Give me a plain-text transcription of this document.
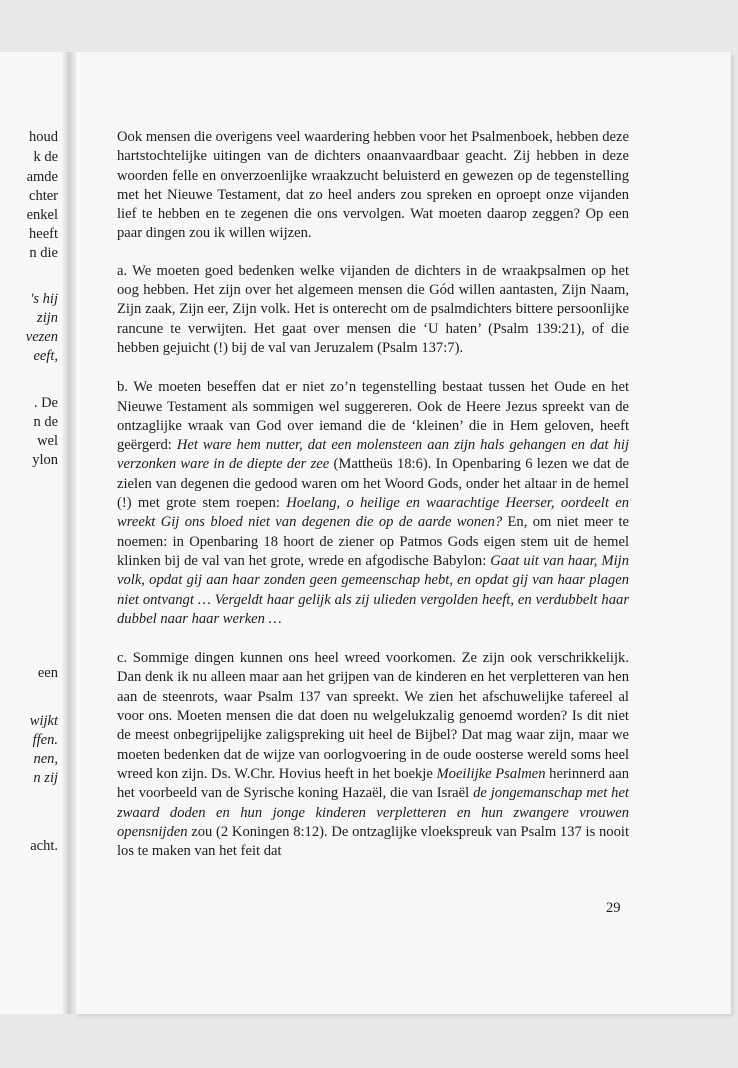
houd
k de
amde
chter
enkel
heeft
n die
's hij
zijn
vezen
eeft,
. De
n de
wel
ylon
een
wijkt
ffen.
nen,
n zij
acht.

Ook mensen die overigens veel waardering hebben voor het Psalmenboek, hebben deze hartstochtelijke uitingen van de dichters onaanvaardbaar geacht. Zij hebben in deze woorden felle en onverzoenlijke wraakzucht beluisterd en gewezen op de tegenstelling met het Nieuwe Testament, dat zo heel anders zou spreken en oproept onze vijanden lief te hebben en te zegenen die ons vervolgen. Wat moeten daarop zeggen? Op een paar dingen zou ik willen wijzen.

a. We moeten goed bedenken welke vijanden de dichters in de wraakpsalmen op het oog hebben. Het zijn over het algemeen mensen die Gód willen aantasten, Zijn Naam, Zijn zaak, Zijn eer, Zijn volk. Het is onterecht om de psalmdichters bittere persoonlijke rancune te verwijten. Het gaat over mensen die ‘U haten’ (Psalm 139:21), of die hebben gejuicht (!) bij de val van Jeruzalem (Psalm 137:7).

b. We moeten beseffen dat er niet zo’n tegenstelling bestaat tussen het Oude en het Nieuwe Testament als sommigen wel suggereren. Ook de Heere Jezus spreekt van de ontzaglijke wraak van God over iemand die de ‘kleinen’ die in Hem geloven, heeft geërgerd: Het ware hem nutter, dat een molensteen aan zijn hals gehangen en dat hij verzonken ware in de diepte der zee (Mattheüs 18:6). In Openbaring 6 lezen we dat de zielen van degenen die gedood waren om het Woord Gods, onder het altaar in de hemel (!) met grote stem roepen: Hoelang, o heilige en waarachtige Heerser, oordeelt en wreekt Gij ons bloed niet van degenen die op de aarde wonen? En, om niet meer te noemen: in Openbaring 18 hoort de ziener op Patmos Gods eigen stem uit de hemel klinken bij de val van het grote, wrede en afgodische Babylon: Gaat uit van haar, Mijn volk, opdat gij aan haar zonden geen gemeenschap hebt, en opdat gij van haar plagen niet ontvangt … Vergeldt haar gelijk als zij ulieden vergolden heeft, en verdubbelt haar dubbel naar haar werken …

c. Sommige dingen kunnen ons heel wreed voorkomen. Ze zijn ook verschrikkelijk. Dan denk ik nu alleen maar aan het grijpen van de kinderen en het verpletteren van hen aan de steenrots, waar Psalm 137 van spreekt. We zien het afschuwelijke tafereel al voor ons. Moeten mensen die dat doen nu welgelukzalig genoemd worden? Is dit niet de meest onbegrijpelijke zaligspreking uit heel de Bijbel? Dat mag waar zijn, maar we moeten bedenken dat de wijze van oorlogvoering in de oude oosterse wereld soms heel wreed kon zijn. Ds. W.Chr. Hovius heeft in het boekje Moeilijke Psalmen herinnerd aan het voorbeeld van de Syrische koning Hazaël, die van Israël de jongemanschap met het zwaard doden en hun jonge kinderen verpletteren en hun zwangere vrouwen opensnijden zou (2 Koningen 8:12). De ontzaglijke vloekspreuk van Psalm 137 is nooit los te maken van het feit dat

29
